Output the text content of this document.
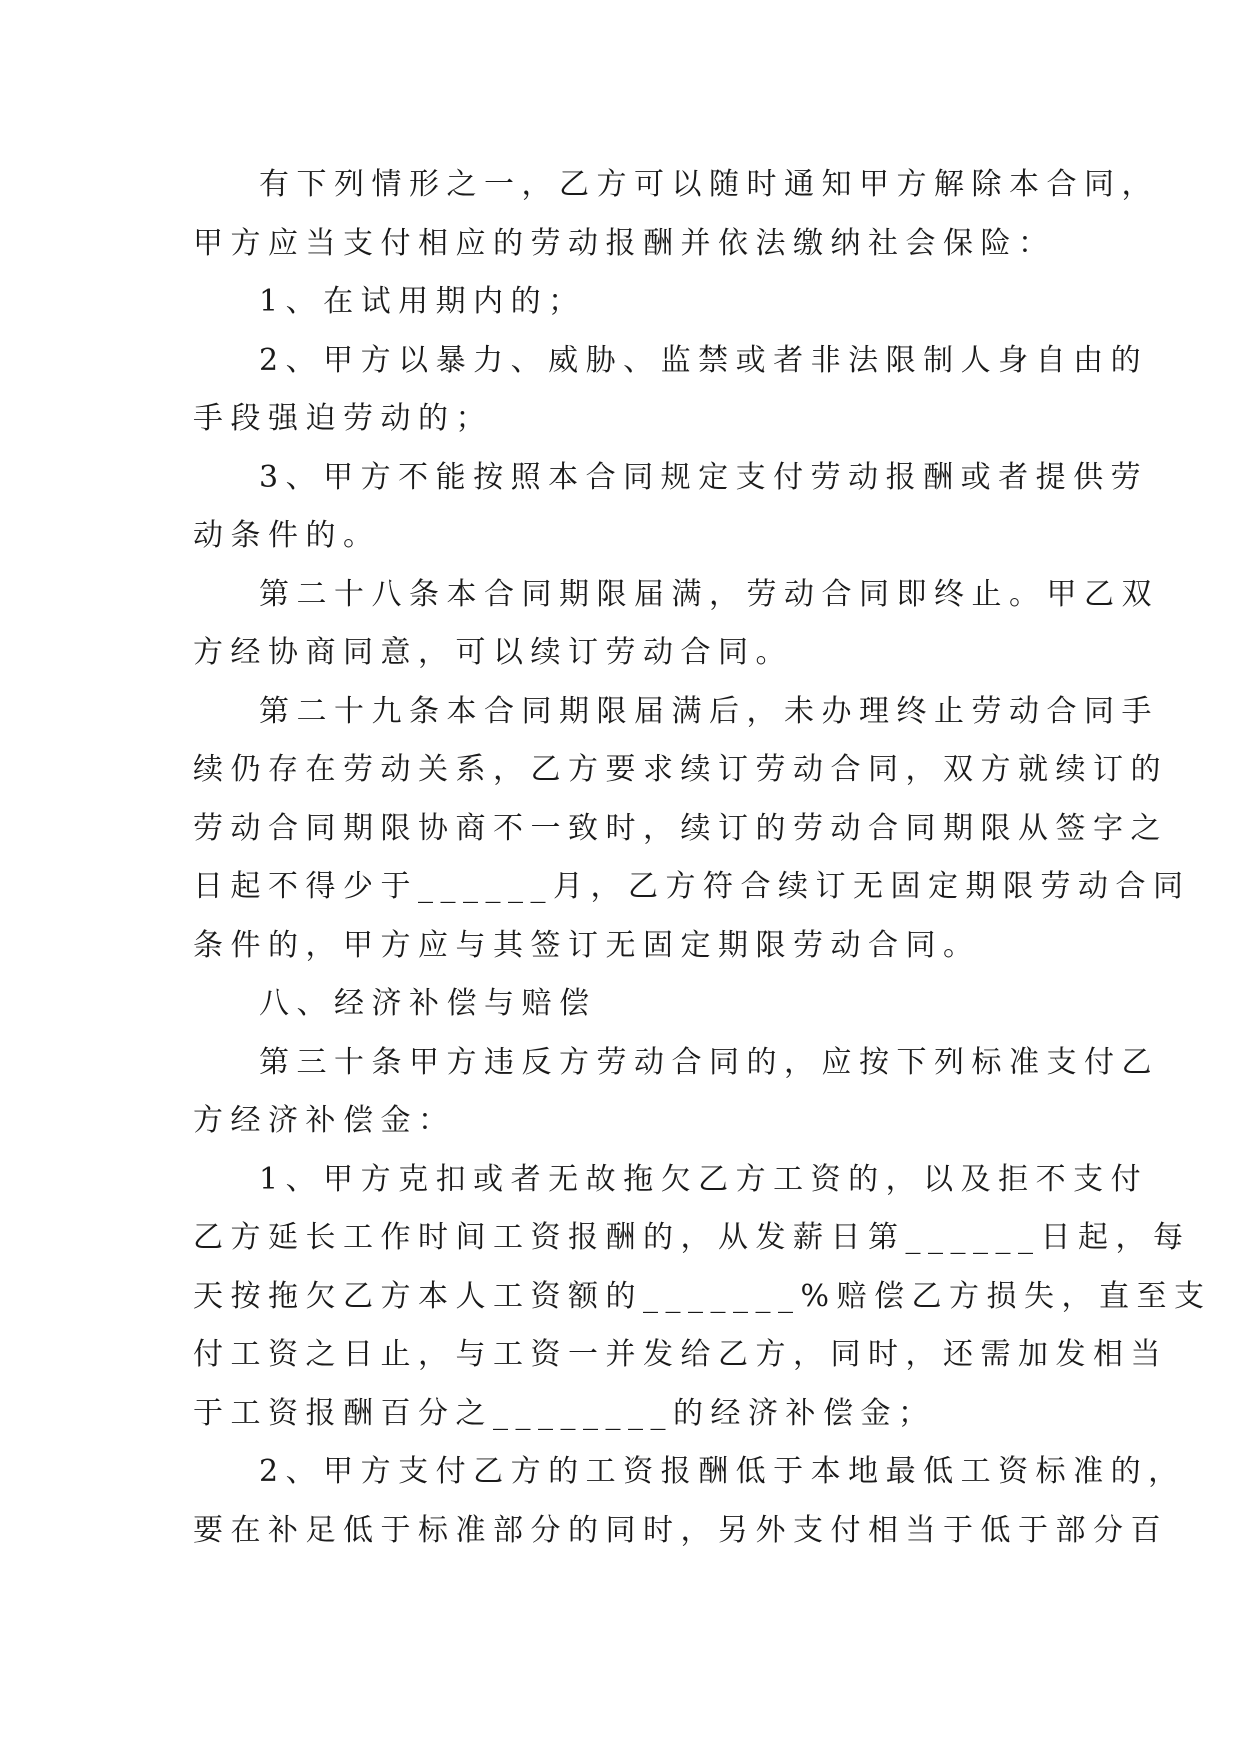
有下列情形之一，乙方可以随时通知甲方解除本合同，
甲方应当支付相应的劳动报酬并依法缴纳社会保险：
1、在试用期内的；
2、甲方以暴力、威胁、监禁或者非法限制人身自由的
手段强迫劳动的；
3、甲方不能按照本合同规定支付劳动报酬或者提供劳
动条件的。
第二十八条本合同期限届满，劳动合同即终止。甲乙双
方经协商同意，可以续订劳动合同。
第二十九条本合同期限届满后，未办理终止劳动合同手
续仍存在劳动关系，乙方要求续订劳动合同，双方就续订的
劳动合同期限协商不一致时，续订的劳动合同期限从签字之
日起不得少于______月，乙方符合续订无固定期限劳动合同
条件的，甲方应与其签订无固定期限劳动合同。
八、经济补偿与赔偿
第三十条甲方违反方劳动合同的，应按下列标准支付乙
方经济补偿金：
1、甲方克扣或者无故拖欠乙方工资的，以及拒不支付
乙方延长工作时间工资报酬的，从发薪日第______日起，每
天按拖欠乙方本人工资额的_______%赔偿乙方损失，直至支
付工资之日止，与工资一并发给乙方，同时，还需加发相当
于工资报酬百分之________的经济补偿金；
2、甲方支付乙方的工资报酬低于本地最低工资标准的，
要在补足低于标准部分的同时，另外支付相当于低于部分百
